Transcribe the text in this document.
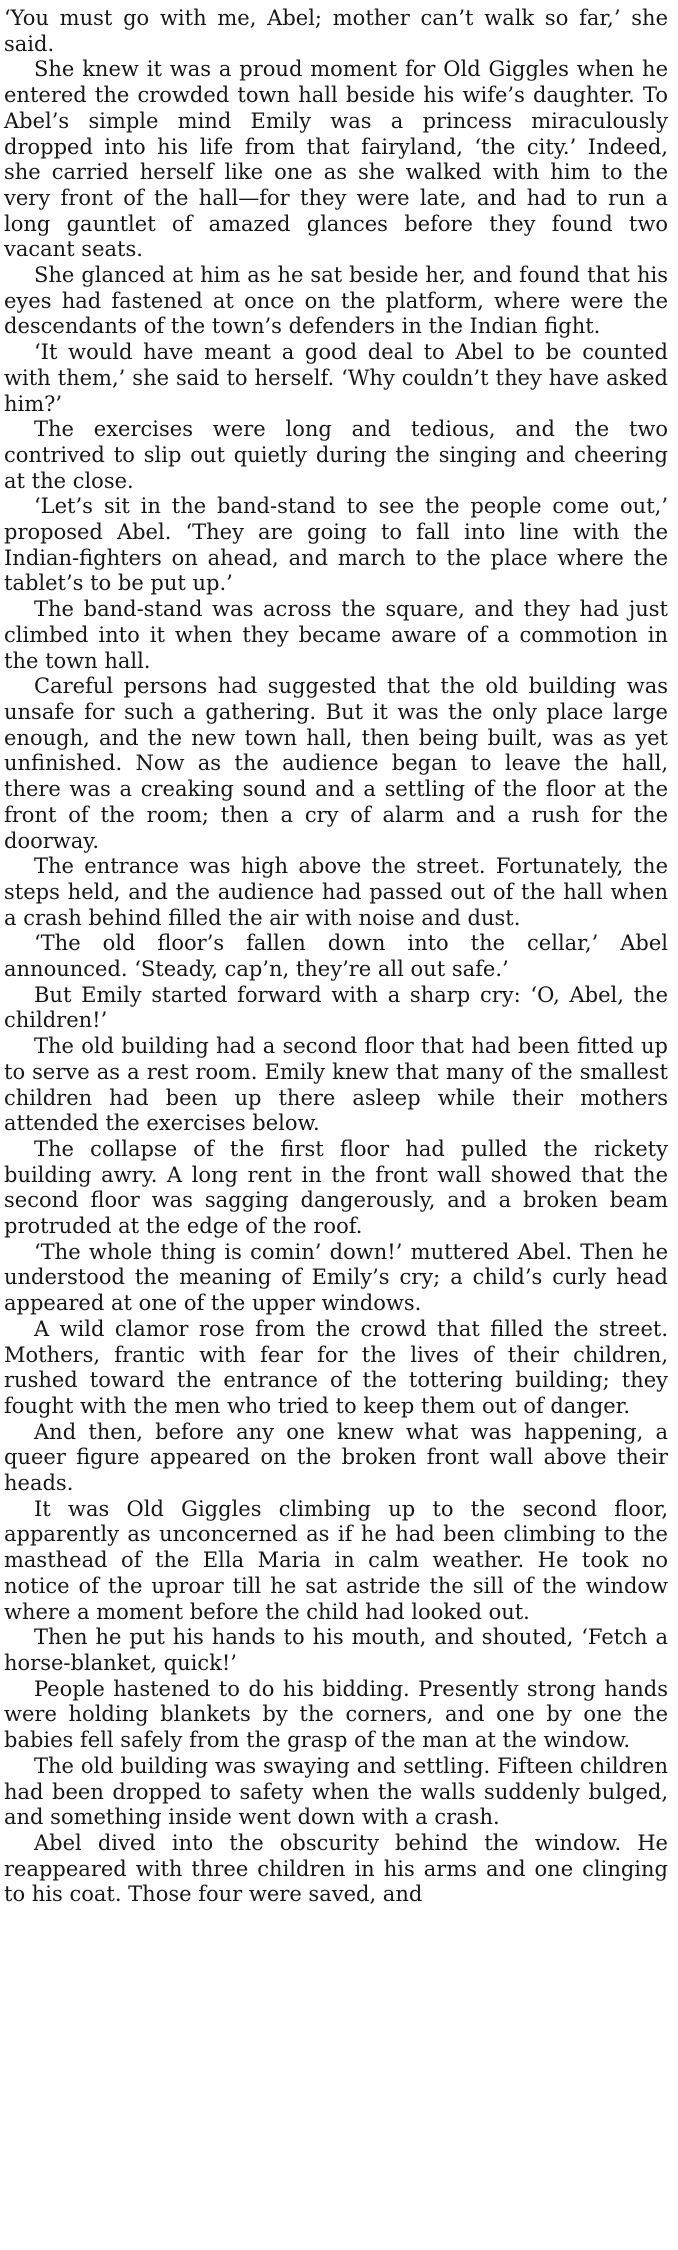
‘You must go with me, Abel; mother can’t walk so far,’ she said.

She knew it was a proud moment for Old Giggles when he entered the crowded town hall beside his wife’s daughter. To Abel’s simple mind Emily was a princess miraculously dropped into his life from that fairyland, ‘the city.’ Indeed, she carried herself like one as she walked with him to the very front of the hall—for they were late, and had to run a long gauntlet of amazed glances before they found two vacant seats.

She glanced at him as he sat beside her, and found that his eyes had fastened at once on the platform, where were the descendants of the town’s defenders in the Indian fight.

‘It would have meant a good deal to Abel to be counted with them,’ she said to herself. ‘Why couldn’t they have asked him?’

The exercises were long and tedious, and the two contrived to slip out quietly during the singing and cheering at the close.

‘Let’s sit in the band-stand to see the people come out,’ proposed Abel. ‘They are going to fall into line with the Indian-fighters on ahead, and march to the place where the tablet’s to be put up.’

The band-stand was across the square, and they had just climbed into it when they became aware of a commotion in the town hall.

Careful persons had suggested that the old building was unsafe for such a gathering. But it was the only place large enough, and the new town hall, then being built, was as yet unfinished. Now as the audience began to leave the hall, there was a creaking sound and a settling of the floor at the front of the room; then a cry of alarm and a rush for the doorway.

The entrance was high above the street. Fortunately, the steps held, and the audience had passed out of the hall when a crash behind filled the air with noise and dust.

‘The old floor’s fallen down into the cellar,’ Abel announced. ‘Steady, cap’n, they’re all out safe.’

But Emily started forward with a sharp cry: ‘O, Abel, the children!’

The old building had a second floor that had been fitted up to serve as a rest room. Emily knew that many of the smallest children had been up there asleep while their mothers attended the exercises below.

The collapse of the first floor had pulled the rickety building awry. A long rent in the front wall showed that the second floor was sagging dangerously, and a broken beam protruded at the edge of the roof.

‘The whole thing is comin’ down!’ muttered Abel. Then he understood the meaning of Emily’s cry; a child’s curly head appeared at one of the upper windows.

A wild clamor rose from the crowd that filled the street. Mothers, frantic with fear for the lives of their children, rushed toward the entrance of the tottering building; they fought with the men who tried to keep them out of danger.

And then, before any one knew what was happening, a queer figure appeared on the broken front wall above their heads.

It was Old Giggles climbing up to the second floor, apparently as unconcerned as if he had been climbing to the masthead of the Ella Maria in calm weather. He took no notice of the uproar till he sat astride the sill of the window where a moment before the child had looked out.

Then he put his hands to his mouth, and shouted, ‘Fetch a horse-blanket, quick!’

People hastened to do his bidding. Presently strong hands were holding blankets by the corners, and one by one the babies fell safely from the grasp of the man at the window.

The old building was swaying and settling. Fifteen children had been dropped to safety when the walls suddenly bulged, and something inside went down with a crash.

Abel dived into the obscurity behind the window. He reappeared with three children in his arms and one clinging to his coat. Those four were saved, and
